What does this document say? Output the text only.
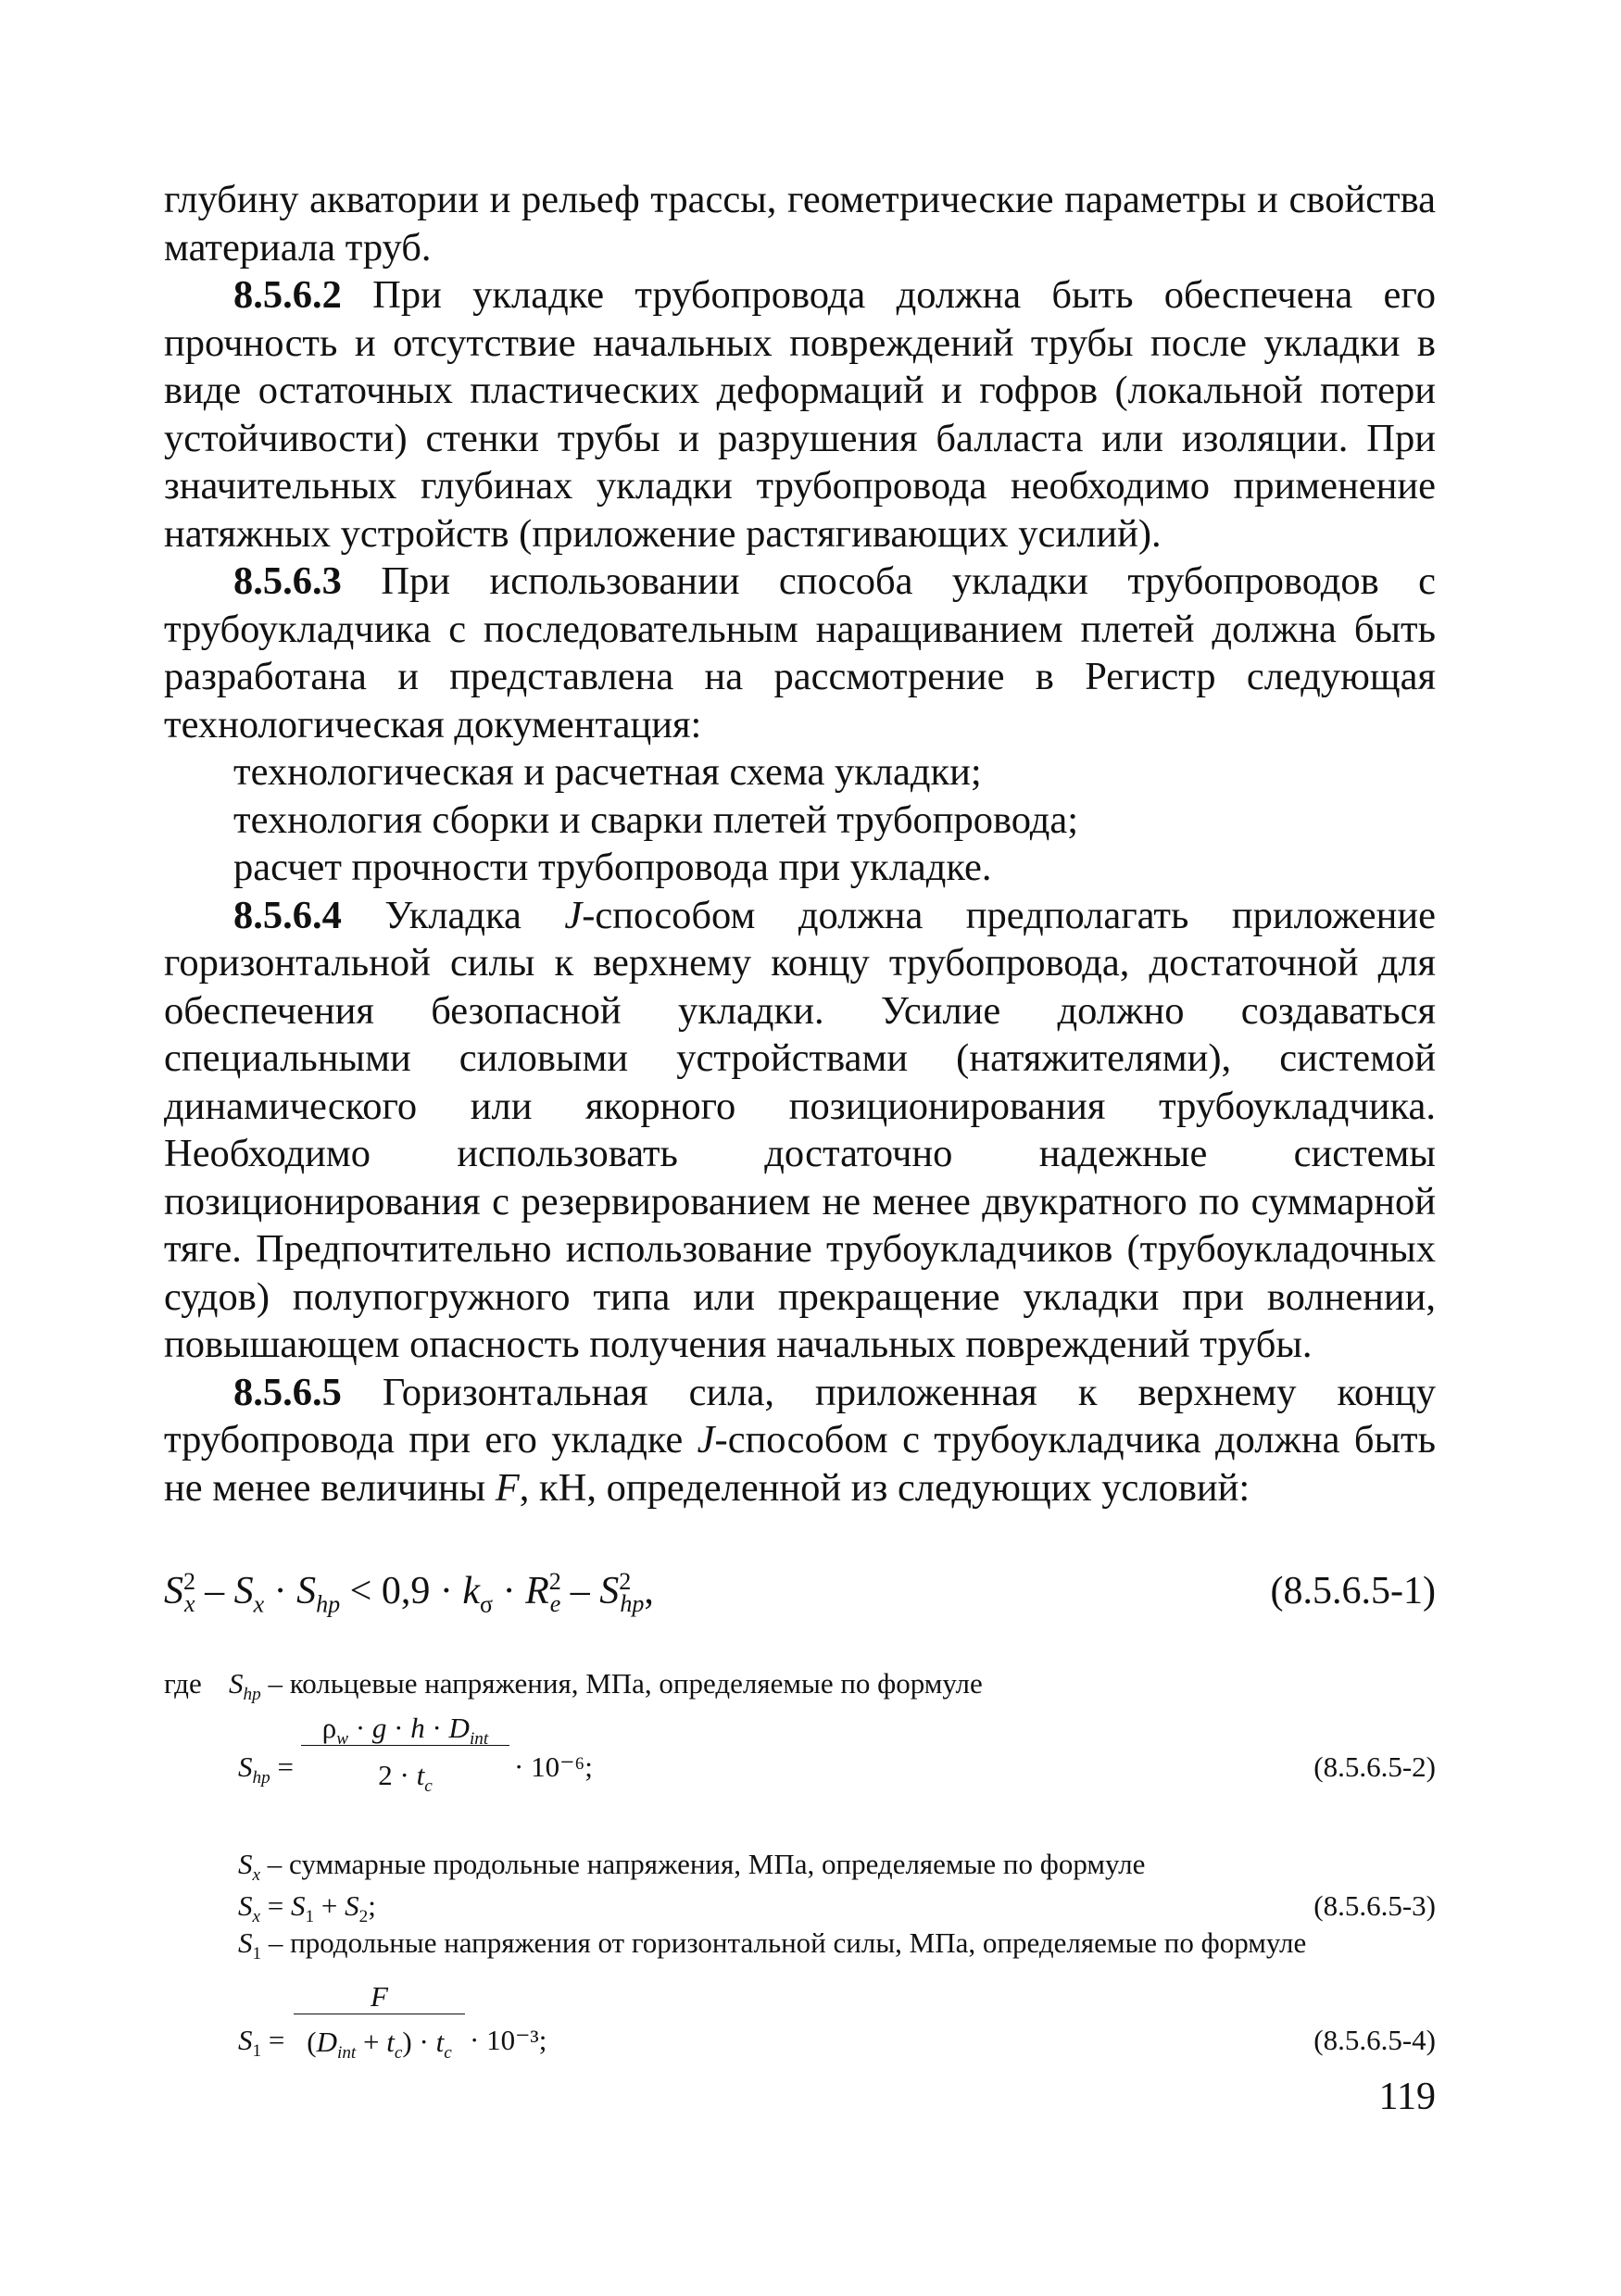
глубину акватории и рельеф трассы, геометрические параметры и свойства материала труб.

8.5.6.2 При укладке трубопровода должна быть обеспечена его прочность и отсутствие начальных повреждений трубы после укладки в виде остаточных пластических деформаций и гофров (локальной потери устойчивости) стенки трубы и разрушения балласта или изоляции. При значительных глубинах укладки трубопровода необходимо применение натяжных устройств (приложение растягивающих усилий).

8.5.6.3 При использовании способа укладки трубопроводов с трубоукладчика с последовательным наращиванием плетей должна быть разработана и представлена на рассмотрение в Регистр следующая технологическая документация:

технологическая и расчетная схема укладки;

технология сборки и сварки плетей трубопровода;

расчет прочности трубопровода при укладке.

8.5.6.4 Укладка J-способом должна предполагать приложение горизонтальной силы к верхнему концу трубопровода, достаточной для обеспечения безопасной укладки. Усилие должно создаваться специальными силовыми устройствами (натяжителями), системой динамического или якорного позиционирования трубоукладчика. Необходимо использовать достаточно надежные системы позиционирования с резервированием не менее двукратного по суммарной тяге. Предпочтительно использование трубоукладчиков (трубоукладочных судов) полупогружного типа или прекращение укладки при волнении, повышающем опасность получения начальных повреждений трубы.

8.5.6.5 Горизонтальная сила, приложенная к верхнему концу трубопровода при его укладке J-способом с трубоукладчика должна быть не менее величины F, кН, определенной из следующих условий:

$S^2_x - S_x \cdot S_{hp} < 0,9 \cdot k_\sigma \cdot R^2_e - S^2_{hp}$,	(8.5.6.5-1)
где $S_{hp}$ – кольцевые напряжения, МПа, определяемые по формуле
$S_{hp}$ =
$\rho_w \cdot g \cdot h \cdot D_{int}$
$2 \cdot t_c$
· 10⁻⁶;	(8.5.6.5-2)
$S_x$ – суммарные продольные напряжения, МПа, определяемые по формуле
$S_x = S_1 + S_2$;	(8.5.6.5-3)
$S_1$ – продольные напряжения от горизонтальной силы, МПа, определяемые по формуле
$S_1$ =
F
$(D_{int} + t_c) \cdot t_c \cdot 10^{-3}$;	(8.5.6.5-4)
119
